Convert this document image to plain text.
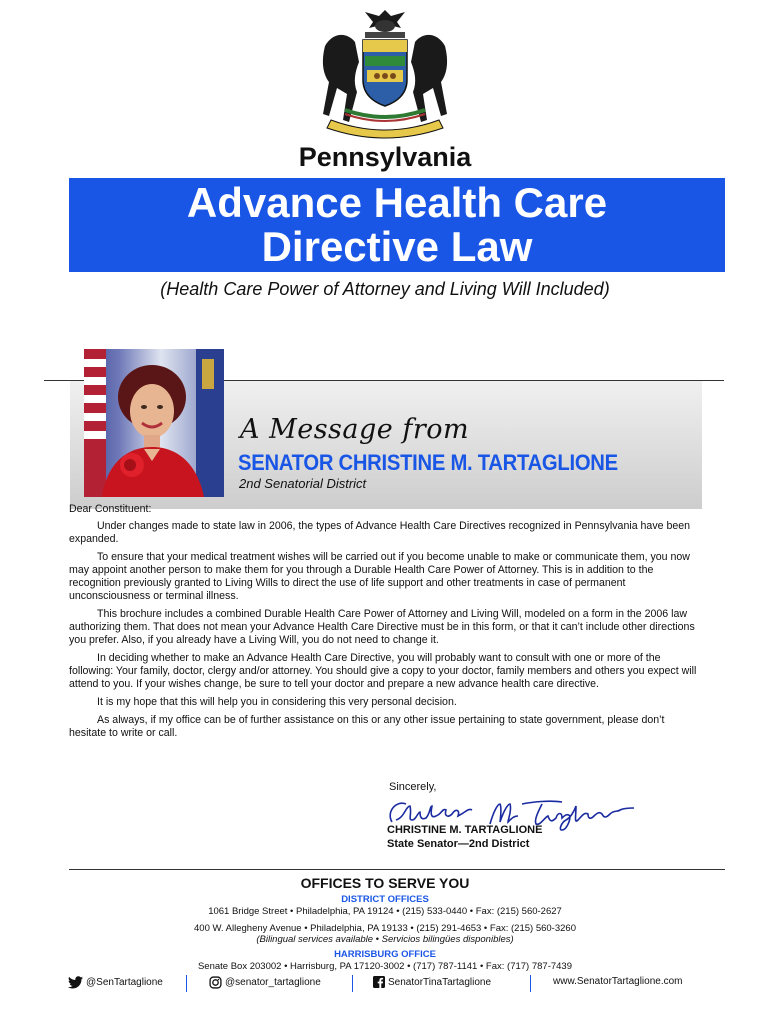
Pennsylvania
Advance Health Care
Directive Law
(Health Care Power of Attorney and Living Will Included)
A Message from
SENATOR CHRISTINE M. TARTAGLIONE
2nd Senatorial District
Dear Constituent:
Under changes made to state law in 2006, the types of Advance Health Care Directives recognized in Pennsylvania have been expanded.
To ensure that your medical treatment wishes will be carried out if you become unable to make or communicate them, you now may appoint another person to make them for you through a Durable Health Care Power of Attorney. This is in addition to the recognition previously granted to Living Wills to direct the use of life support and other treatments in case of permanent unconsciousness or terminal illness.
This brochure includes a combined Durable Health Care Power of Attorney and Living Will, modeled on a form in the 2006 law authorizing them. That does not mean your Advance Health Care Directive must be in this form, or that it can’t include other directions you prefer. Also, if you already have a Living Will, you do not need to change it.
In deciding whether to make an Advance Health Care Directive, you will probably want to consult with one or more of the following: Your family, doctor, clergy and/or attorney. You should give a copy to your doctor, family members and others you expect will attend to you. If your wishes change, be sure to tell your doctor and prepare a new advance health care directive.
It is my hope that this will help you in considering this very personal decision.
As always, if my office can be of further assistance on this or any other issue pertaining to state government, please don’t hesitate to write or call.
Sincerely,
CHRISTINE M. TARTAGLIONE
State Senator—2nd District
OFFICES TO SERVE YOU
DISTRICT OFFICES
1061 Bridge Street • Philadelphia, PA 19124 • (215) 533-0440 • Fax: (215) 560-2627
400 W. Allegheny Avenue • Philadelphia, PA 19133 • (215) 291-4653 • Fax: (215) 560-3260
(Bilingual services available • Servicios bilingües disponibles)
HARRISBURG OFFICE
Senate Box 203002 • Harrisburg, PA 17120-3002 • (717) 787-1141 • Fax: (717) 787-7439
@SenTartaglione	@senator_tartaglione	SenatorTinaTartaglione	www.SenatorTartaglione.com
